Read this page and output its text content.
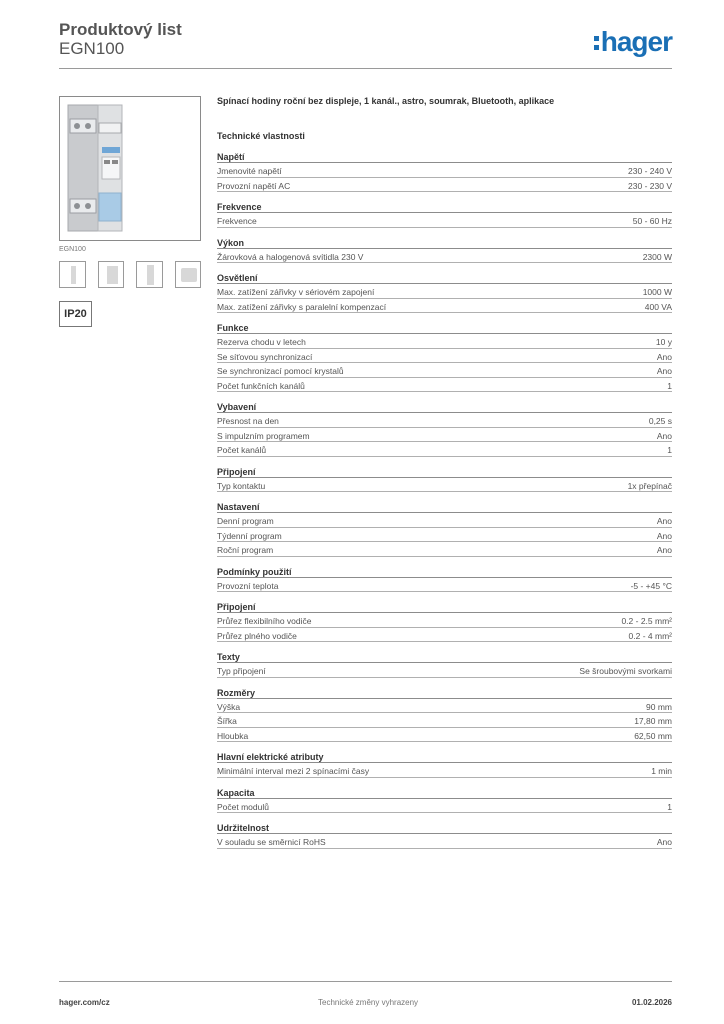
Produktový list
EGN100	hager
EGN100
IP20
Spínací hodiny roční bez displeje, 1 kanál., astro, soumrak, Bluetooth, aplikace
Technické vlastnosti
Napětí
Jmenovité napětí	230 - 240 V
Provozní napětí AC	230 - 230 V
Frekvence
Frekvence	50 - 60 Hz
Výkon
Žárovková a halogenová svítidla 230 V	2300 W
Osvětlení
Max. zatížení zářivky v sériovém zapojení	1000 W
Max. zatížení zářivky s paralelní kompenzací	400 VA
Funkce
Rezerva chodu v letech	10 y
Se síťovou synchronizací	Ano
Se synchronizací pomocí krystalů	Ano
Počet funkčních kanálů	1
Vybavení
Přesnost na den	0,25 s
S impulzním programem	Ano
Počet kanálů	1
Připojení
Typ kontaktu	1x přepínač
Nastavení
Denní program	Ano
Týdenní program	Ano
Roční program	Ano
Podmínky použití
Provozní teplota	-5 - +45 °C
Připojení
Průřez flexibilního vodiče	0.2 - 2.5 mm²
Průřez plného vodiče	0.2 - 4 mm²
Texty
Typ připojení	Se šroubovými svorkami
Rozměry
Výška	90 mm
Šířka	17,80 mm
Hloubka	62,50 mm
Hlavní elektrické atributy
Minimální interval mezi 2 spínacími časy	1 min
Kapacita
Počet modulů	1
Udržitelnost
V souladu se směrnicí RoHS	Ano
hager.com/cz	Technické změny vyhrazeny	01.02.2026
